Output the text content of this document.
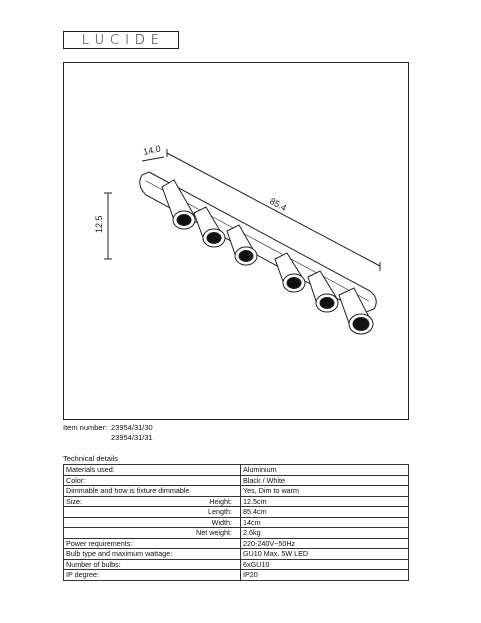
LUCIDE
14.0
85.4
12.5
Item number: 23954/31/30
23954/31/31
Technical details
Materials used:	Aluminium
Color:	Black / White
Dimmable and how is fixture dimmable	Yes, Dim to warm

Size: Height:	12.5cm

Length:	85.4cm

Width:	14cm

Net weight:	2.6kg
Power requirements:	220-240V~50Hz
Bulb type and maximum wattage:	GU10 Max. 5W LED
Number of bulbs:	6xGU10
IP degree:	IP20
